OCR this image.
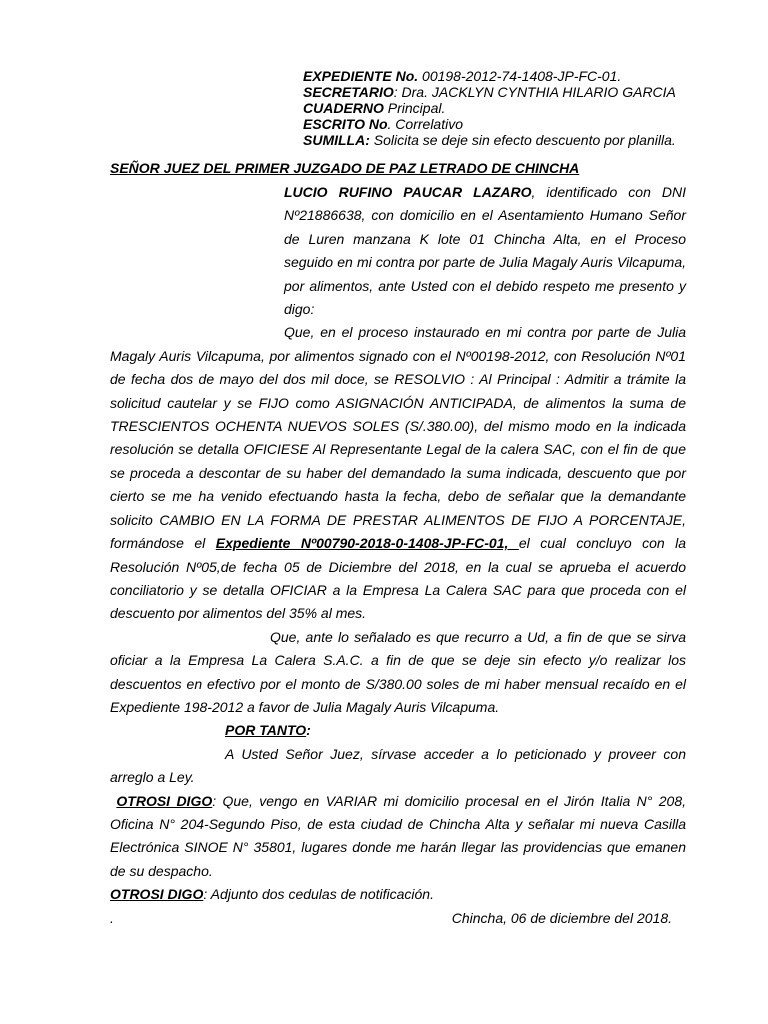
EXPEDIENTE No. 00198-2012-74-1408-JP-FC-01.
SECRETARIO: Dra. JACKLYN CYNTHIA HILARIO GARCIA
CUADERNO Principal.
ESCRITO No. Correlativo
SUMILLA: Solicita se deje sin efecto descuento por planilla.
SEÑOR JUEZ DEL PRIMER JUZGADO DE PAZ LETRADO DE CHINCHA

LUCIO RUFINO PAUCAR LAZARO, identificado con DNI Nº21886638, con domicilio en el Asentamiento Humano Señor de Luren manzana K lote 01 Chincha Alta, en el Proceso seguido en mi contra por parte de Julia Magaly Auris Vilcapuma, por alimentos, ante Usted con el debido respeto me presento y digo:

Que, en el proceso instaurado en mi contra por parte de Julia Magaly Auris Vilcapuma, por alimentos signado con el Nº00198-2012, con Resolución Nº01 de fecha dos de mayo del dos mil doce, se RESOLVIO : Al Principal : Admitir a trámite la solicitud cautelar y se FIJO como ASIGNACIÓN ANTICIPADA, de alimentos la suma de TRESCIENTOS OCHENTA NUEVOS SOLES (S/.380.00), del mismo modo en la indicada resolución se detalla OFICIESE Al Representante Legal de la calera SAC, con el fin de que se proceda a descontar de su haber del demandado la suma indicada, descuento que por cierto se me ha venido efectuando hasta la fecha, debo de señalar que la demandante solicito CAMBIO EN LA FORMA DE PRESTAR ALIMENTOS DE FIJO A PORCENTAJE, formándose el Expediente Nº00790-2018-0-1408-JP-FC-01, el cual concluyo con la Resolución Nº05,de fecha 05 de Diciembre del 2018, en la cual se aprueba el acuerdo conciliatorio y se detalla OFICIAR a la Empresa La Calera SAC para que proceda con el descuento por alimentos del 35% al mes.

Que, ante lo señalado es que recurro a Ud, a fin de que se sirva oficiar a la Empresa La Calera S.A.C. a fin de que se deje sin efecto y/o realizar los descuentos en efectivo por el monto de S/380.00 soles de mi haber mensual recaído en el Expediente 198-2012 a favor de Julia Magaly Auris Vilcapuma.

POR TANTO:

A Usted Señor Juez, sírvase acceder a lo peticionado y proveer con arreglo a Ley.

OTROSI DIGO: Que, vengo en VARIAR mi domicilio procesal en el Jirón Italia N° 208, Oficina N° 204-Segundo Piso, de esta ciudad de Chincha Alta y señalar mi nueva Casilla Electrónica SINOE N° 35801, lugares donde me harán llegar las providencias que emanen de su despacho.

OTROSI DIGO: Adjunto dos cedulas de notificación.

.	Chincha, 06 de diciembre del 2018.
